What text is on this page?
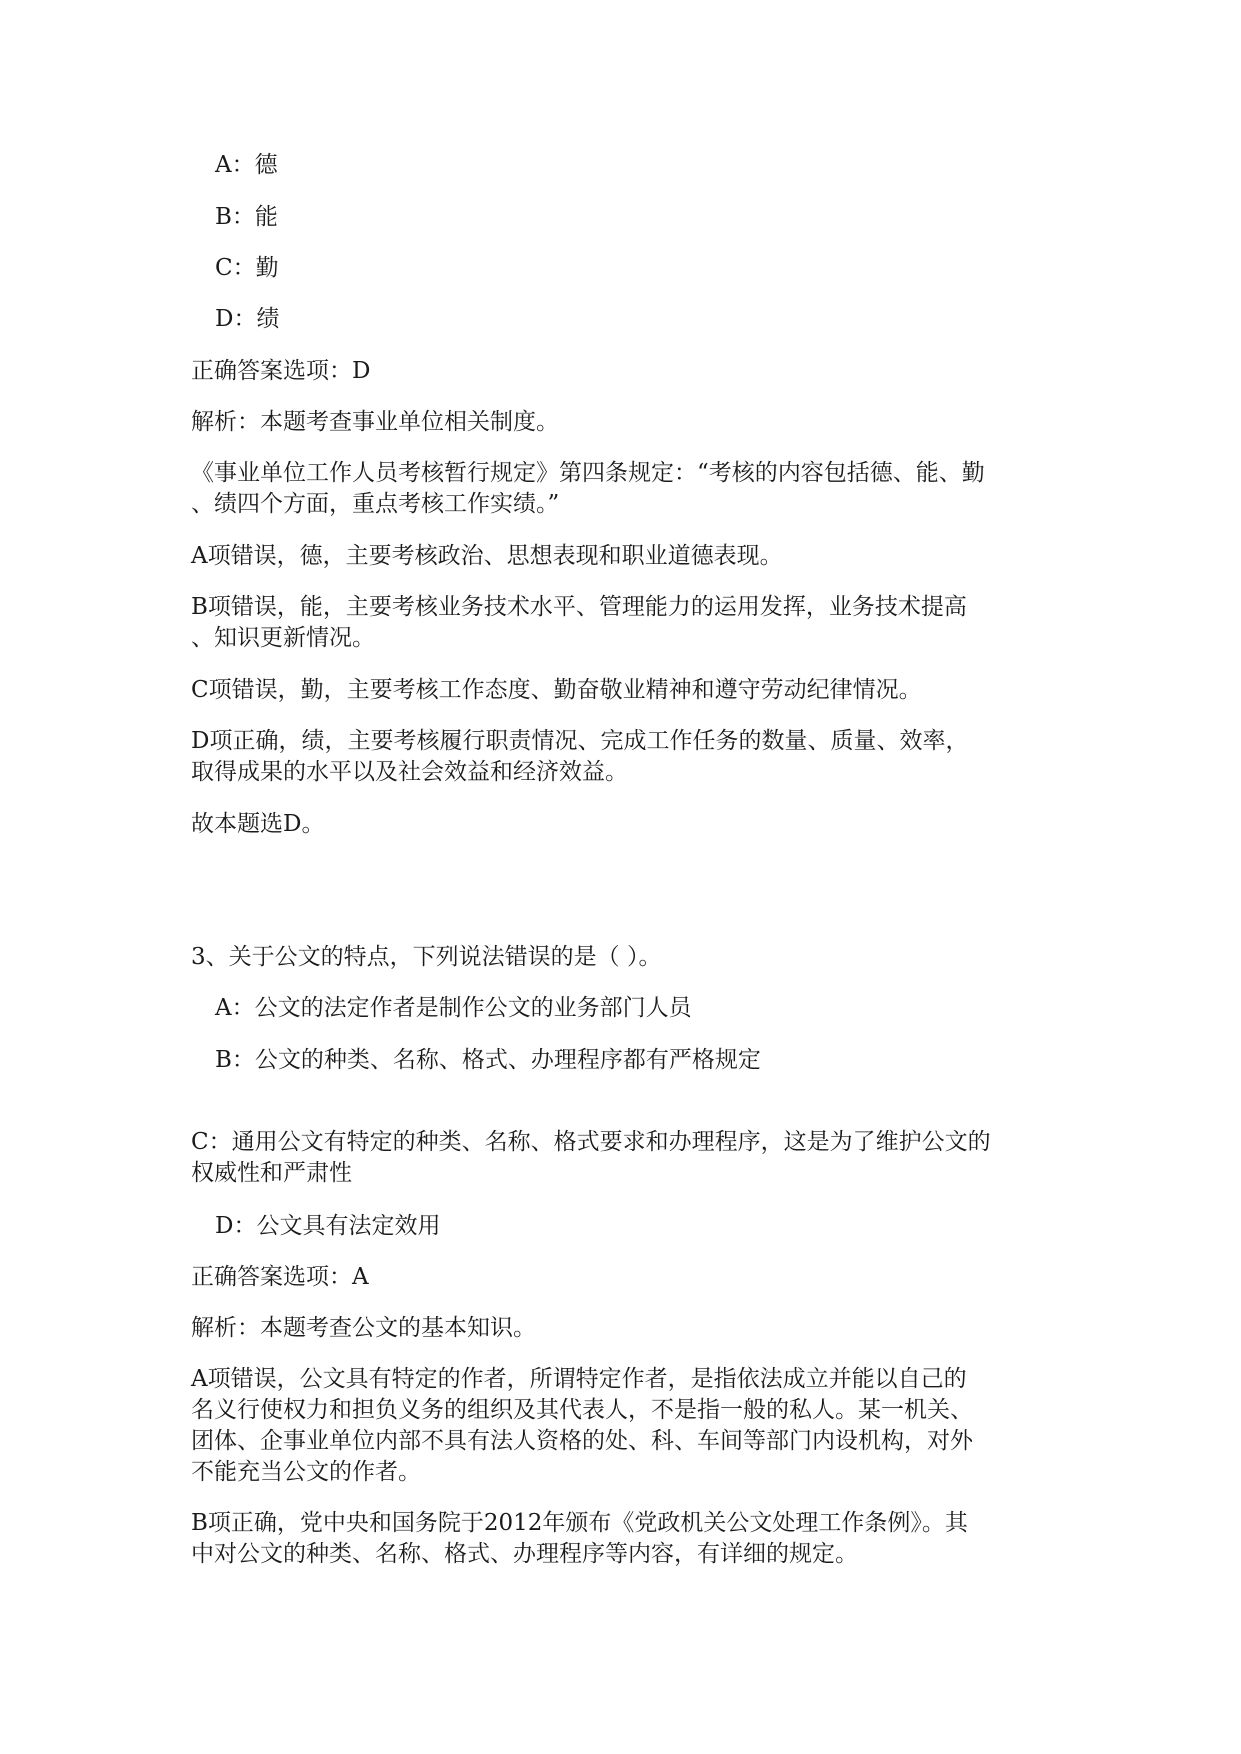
A：德

B：能

C：勤

D：绩

正确答案选项：D

解析：本题考查事业单位相关制度。

《事业单位工作人员考核暂行规定》第四条规定：“考核的内容包括德、能、勤
、绩四个方面，重点考核工作实绩。”

A项错误，德，主要考核政治、思想表现和职业道德表现。

B项错误，能，主要考核业务技术水平、管理能力的运用发挥，业务技术提高
、知识更新情况。

C项错误，勤，主要考核工作态度、勤奋敬业精神和遵守劳动纪律情况。

D项正确，绩，主要考核履行职责情况、完成工作任务的数量、质量、效率，
取得成果的水平以及社会效益和经济效益。

故本题选D。

3、关于公文的特点，下列说法错误的是（ ）。

A：公文的法定作者是制作公文的业务部门人员

B：公文的种类、名称、格式、办理程序都有严格规定

C：通用公文有特定的种类、名称、格式要求和办理程序，这是为了维护公文的
权威性和严肃性

D：公文具有法定效用

正确答案选项：A

解析：本题考查公文的基本知识。

A项错误，公文具有特定的作者，所谓特定作者，是指依法成立并能以自己的
名义行使权力和担负义务的组织及其代表人，不是指一般的私人。某一机关、
团体、企事业单位内部不具有法人资格的处、科、车间等部门内设机构，对外
不能充当公文的作者。

B项正确，党中央和国务院于2012年颁布《党政机关公文处理工作条例》。其
中对公文的种类、名称、格式、办理程序等内容，有详细的规定。
